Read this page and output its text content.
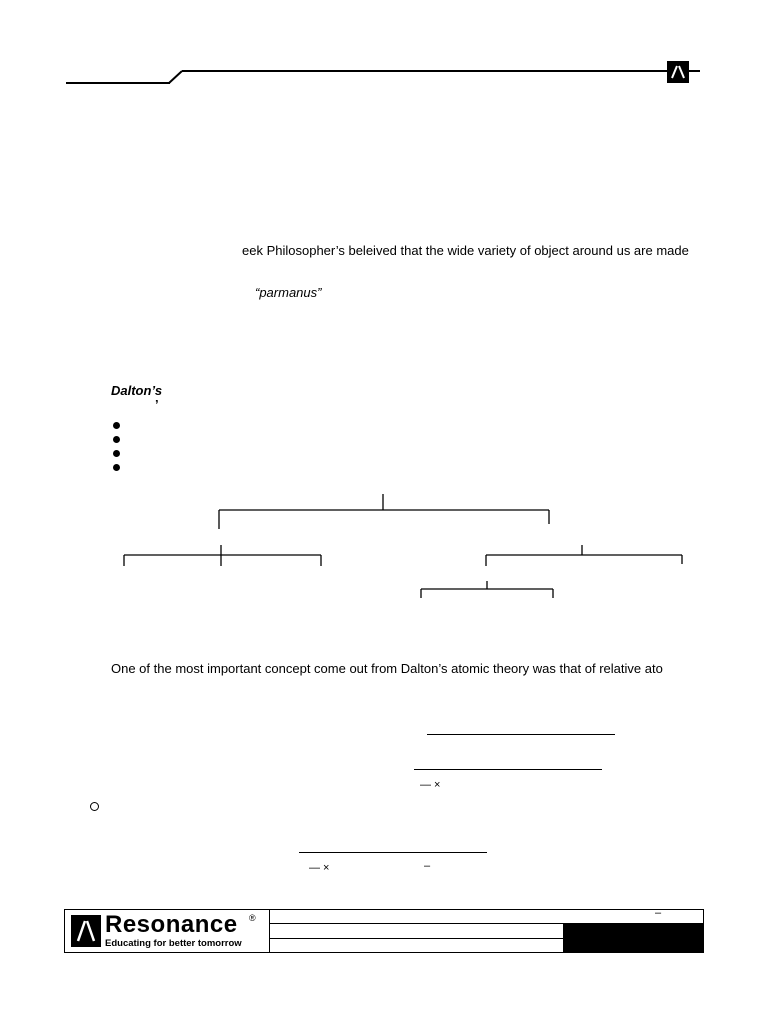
eek Philosopher’s beleived that the wide variety of object around us are made
“parmanus”
Dalton’s
’
One of the most important concept come out from Dalton’s atomic theory was that of relative ato
— ×
— ×	–
Resonance ®
Educating for better tomorrow
–
